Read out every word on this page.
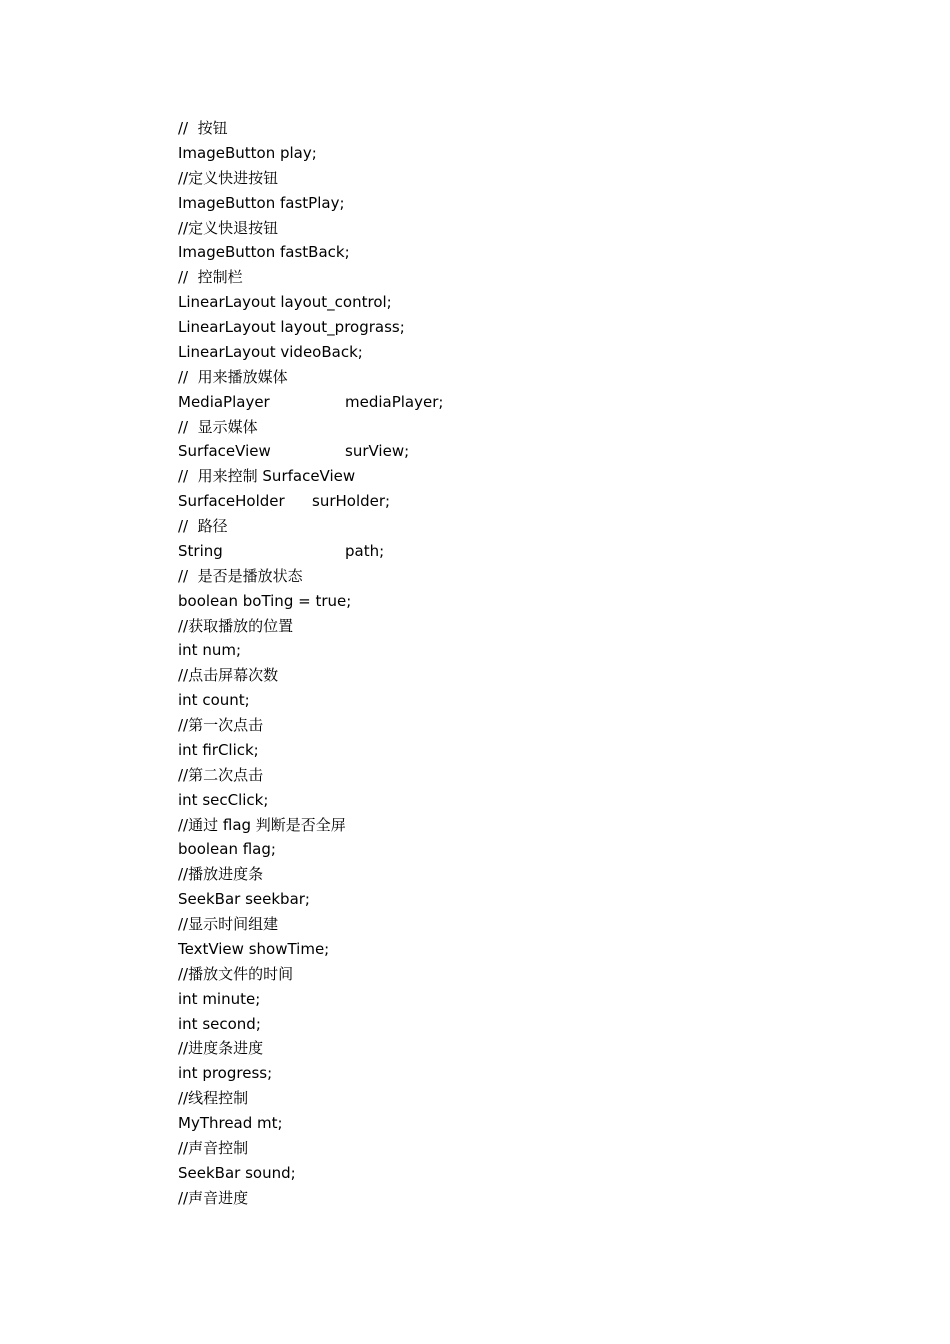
//  按钮
ImageButton play;
//定义快进按钮
ImageButton fastPlay;
//定义快退按钮
ImageButton fastBack;
//  控制栏
LinearLayout layout_control;
LinearLayout layout_prograss;
LinearLayout videoBack;
//  用来播放媒体
MediaPlayer	mediaPlayer;
//  显示媒体
SurfaceView	surView;
//  用来控制 SurfaceView
SurfaceHolder	surHolder;
//  路径
String	path;
//  是否是播放状态
boolean boTing = true;
//获取播放的位置
int num;
//点击屏幕次数
int count;
//第一次点击
int firClick;
//第二次点击
int secClick;
//通过 flag 判断是否全屏
boolean flag;
//播放进度条
SeekBar seekbar;
//显示时间组建
TextView showTime;
//播放文件的时间
int minute;
int second;
//进度条进度
int progress;
//线程控制
MyThread mt;
//声音控制
SeekBar sound;
//声音进度
